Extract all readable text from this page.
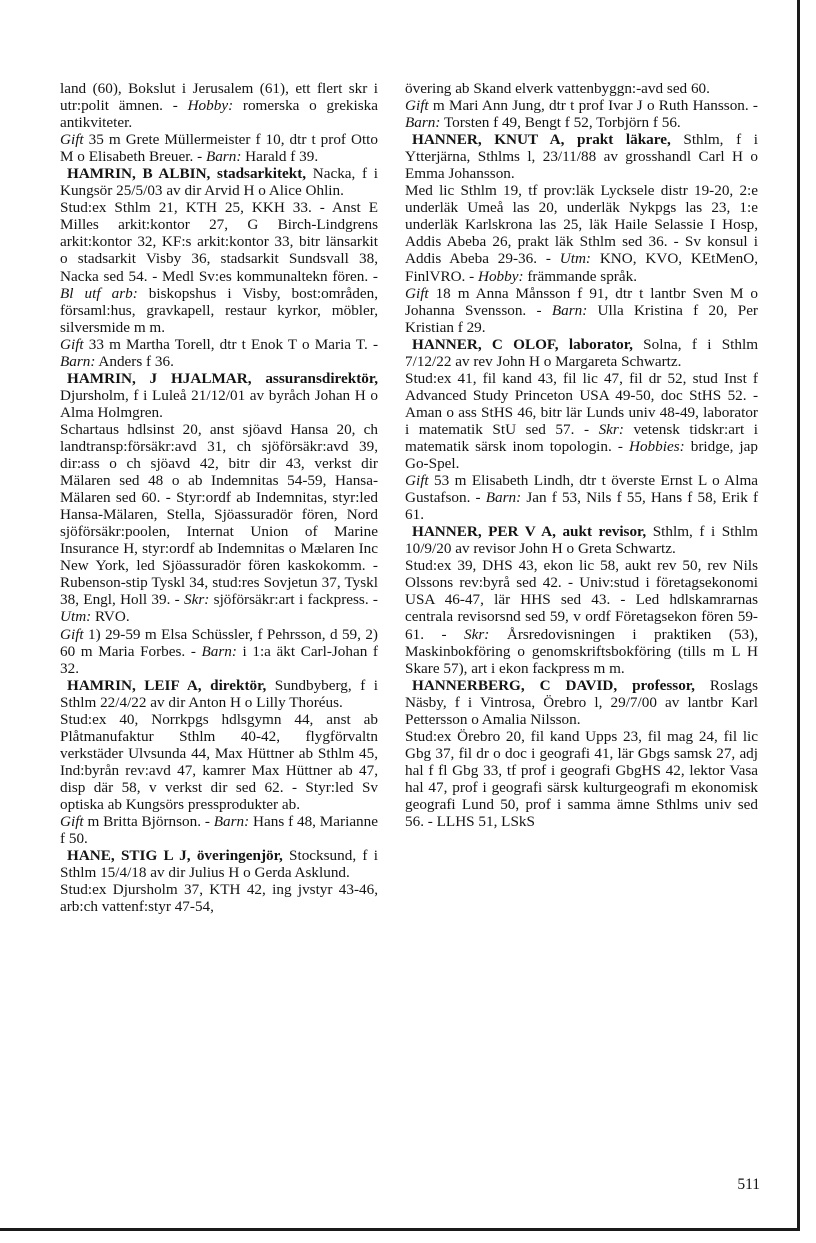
land (60), Bokslut i Jerusalem (61), ett flert skr i utr:polit ämnen. - Hobby: romerska o grekiska antikviteter.

Gift 35 m Grete Müllermeister f 10, dtr t prof Otto M o Elisabeth Breuer. - Barn: Harald f 39.

HAMRIN, B ALBIN, stadsarkitekt, Nacka, f i Kungsör 25/5/03 av dir Arvid H o Alice Ohlin.

Stud:ex Sthlm 21, KTH 25, KKH 33. - Anst E Milles arkit:kontor 27, G Birch-Lindgrens arkit:kontor 32, KF:s arkit:kontor 33, bitr länsarkit o stadsarkit Visby 36, stadsarkit Sundsvall 38, Nacka sed 54. - Medl Sv:es kommunaltekn fören. - Bl utf arb: biskopshus i Visby, bost:områden, församl:hus, gravkapell, restaur kyrkor, möbler, silversmide m m.

Gift 33 m Martha Torell, dtr t Enok T o Maria T. - Barn: Anders f 36.

HAMRIN, J HJALMAR, assuransdirektör, Djursholm, f i Luleå 21/12/01 av byråch Johan H o Alma Holmgren.

Schartaus hdlsinst 20, anst sjöavd Hansa 20, ch landtransp:försäkr:avd 31, ch sjöförsäkr:avd 39, dir:ass o ch sjöavd 42, bitr dir 43, verkst dir Mälaren sed 48 o ab Indemnitas 54-59, Hansa-Mälaren sed 60. - Styr:ordf ab Indemnitas, styr:led Hansa-Mälaren, Stella, Sjöassuradör fören, Nord sjöförsäkr:poolen, Internat Union of Marine Insurance H, styr:ordf ab Indemnitas o Mælaren Inc New York, led Sjöassuradör fören kaskokomm. - Rubenson-stip Tyskl 34, stud:res Sovjetun 37, Tyskl 38, Engl, Holl 39. - Skr: sjöförsäkr:art i fackpress. - Utm: RVO.

Gift 1) 29-59 m Elsa Schüssler, f Pehrsson, d 59, 2) 60 m Maria Forbes. - Barn: i 1:a äkt Carl-Johan f 32.

HAMRIN, LEIF A, direktör, Sundbyberg, f i Sthlm 22/4/22 av dir Anton H o Lilly Thoréus.

Stud:ex 40, Norrkpgs hdlsgymn 44, anst ab Plåtmanufaktur Sthlm 40-42, flygförvaltn verkstäder Ulvsunda 44, Max Hüttner ab Sthlm 45, Ind:byrån rev:avd 47, kamrer Max Hüttner ab 47, disp där 58, v verkst dir sed 62. - Styr:led Sv optiska ab Kungsörs pressprodukter ab.

Gift m Britta Björnson. - Barn: Hans f 48, Marianne f 50.

HANE, STIG L J, överingenjör, Stocksund, f i Sthlm 15/4/18 av dir Julius H o Gerda Asklund.

Stud:ex Djursholm 37, KTH 42, ing jvstyr 43-46, arb:ch vattenf:styr 47-54,

övering ab Skand elverk vattenbyggn:-avd sed 60.

Gift m Mari Ann Jung, dtr t prof Ivar J o Ruth Hansson. - Barn: Torsten f 49, Bengt f 52, Torbjörn f 56.

HANNER, KNUT A, prakt läkare, Sthlm, f i Ytterjärna, Sthlms l, 23/11/88 av grosshandl Carl H o Emma Johansson.

Med lic Sthlm 19, tf prov:läk Lycksele distr 19-20, 2:e underläk Umeå las 20, underläk Nykpgs las 23, 1:e underläk Karlskrona las 25, läk Haile Selassie I Hosp, Addis Abeba 26, prakt läk Sthlm sed 36. - Sv konsul i Addis Abeba 29-36. - Utm: KNO, KVO, KEtMenO, FinlVRO. - Hobby: främmande språk.

Gift 18 m Anna Månsson f 91, dtr t lantbr Sven M o Johanna Svensson. - Barn: Ulla Kristina f 20, Per Kristian f 29.

HANNER, C OLOF, laborator, Solna, f i Sthlm 7/12/22 av rev John H o Margareta Schwartz.

Stud:ex 41, fil kand 43, fil lic 47, fil dr 52, stud Inst f Advanced Study Princeton USA 49-50, doc StHS 52. - Aman o ass StHS 46, bitr lär Lunds univ 48-49, laborator i matematik StU sed 57. - Skr: vetensk tidskr:art i matematik särsk inom topologin. - Hobbies: bridge, jap Go-Spel.

Gift 53 m Elisabeth Lindh, dtr t överste Ernst L o Alma Gustafson. - Barn: Jan f 53, Nils f 55, Hans f 58, Erik f 61.

HANNER, PER V A, aukt revisor, Sthlm, f i Sthlm 10/9/20 av revisor John H o Greta Schwartz.

Stud:ex 39, DHS 43, ekon lic 58, aukt rev 50, rev Nils Olssons rev:byrå sed 42. - Univ:stud i företagsekonomi USA 46-47, lär HHS sed 43. - Led hdlskamrarnas centrala revisorsnd sed 59, v ordf Företagsekon fören 59-61. - Skr: Årsredovisningen i praktiken (53), Maskinbokföring o genomskriftsbokföring (tills m L H Skare 57), art i ekon fackpress m m.

HANNERBERG, C DAVID, professor, Roslags Näsby, f i Vintrosa, Örebro l, 29/7/00 av lantbr Karl Pettersson o Amalia Nilsson.

Stud:ex Örebro 20, fil kand Upps 23, fil mag 24, fil lic Gbg 37, fil dr o doc i geografi 41, lär Gbgs samsk 27, adj hal f fl Gbg 33, tf prof i geografi GbgHS 42, lektor Vasa hal 47, prof i geografi särsk kulturgeografi m ekonomisk geografi Lund 50, prof i samma ämne Sthlms univ sed 56. - LLHS 51, LSkS

511
